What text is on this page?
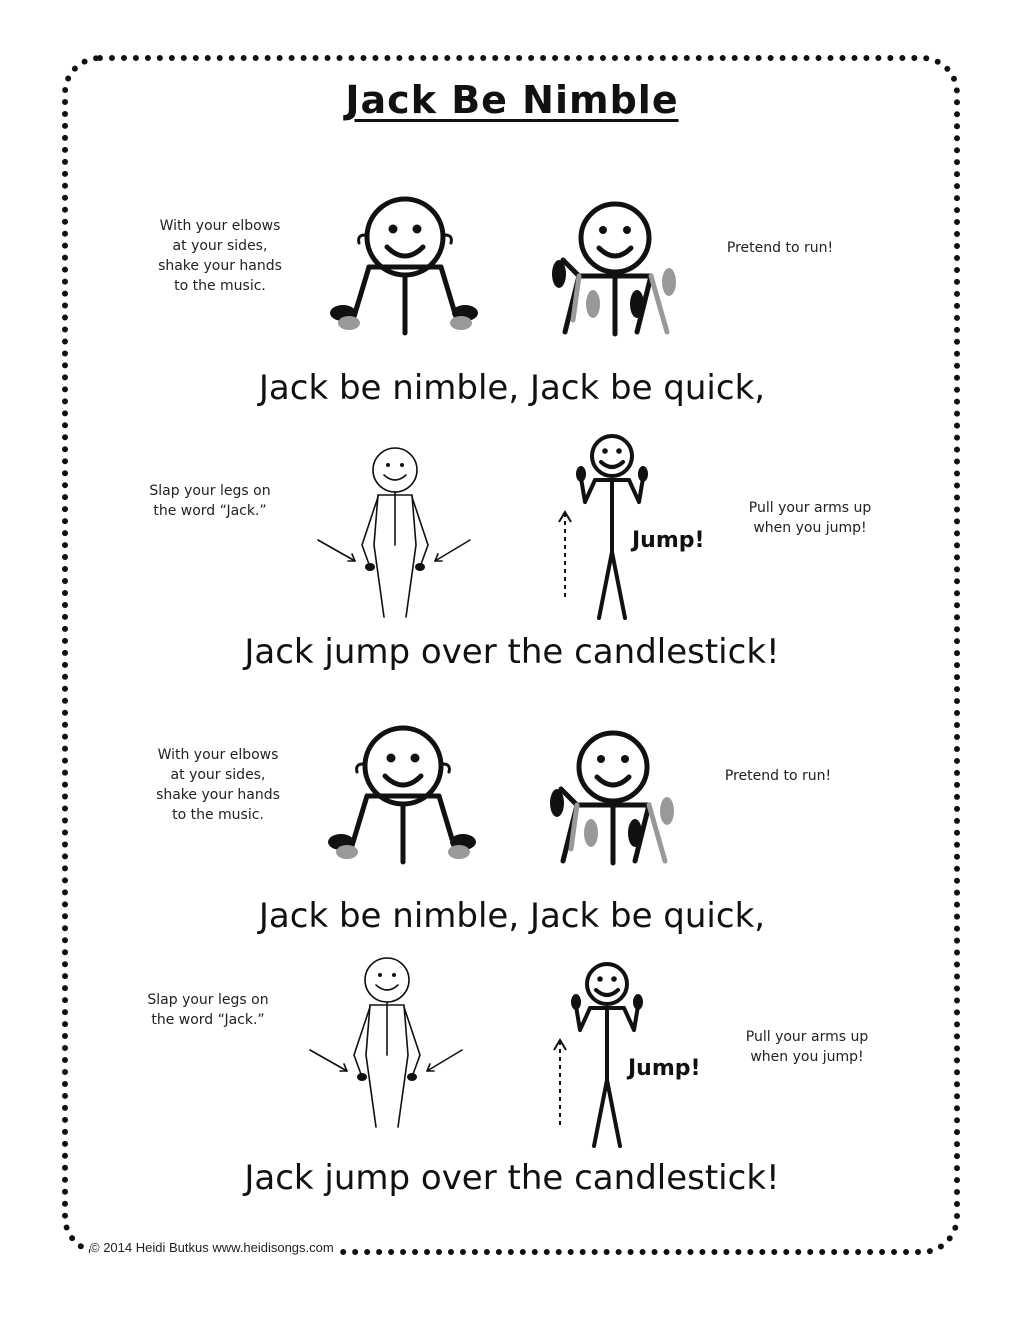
Jack Be Nimble
With your elbows
at your sides,
shake your hands
to the music.
Pretend to run!
Jack be nimble, Jack be quick,
Slap your legs on
the word “Jack.”
Jump!
Pull your arms up
when you jump!
Jack jump over the candlestick!
With your elbows
at your sides,
shake your hands
to the music.
Pretend to run!
Jack be nimble, Jack be quick,
Slap your legs on
the word “Jack.”
Jump!
Pull your arms up
when you jump!
Jack jump over the candlestick!
© 2014 Heidi Butkus www.heidisongs.com
